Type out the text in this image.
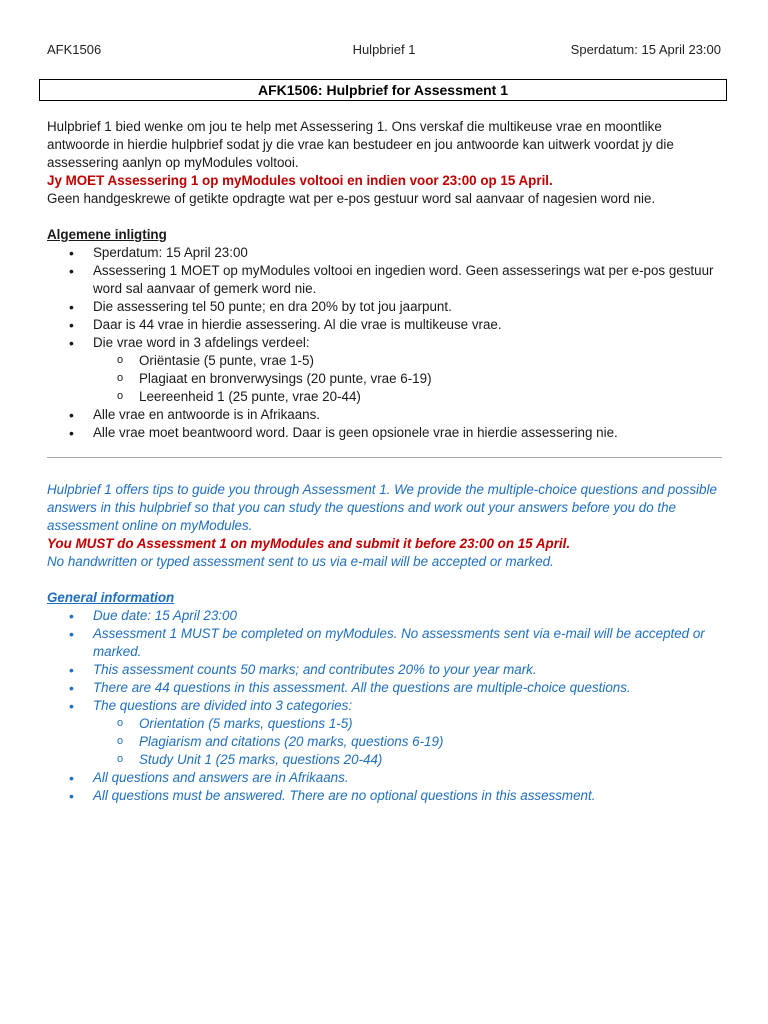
AFK1506	Hulpbrief 1	Sperdatum: 15 April 23:00
AFK1506: Hulpbrief for Assessment 1

Hulpbrief 1 bied wenke om jou te help met Assessering 1. Ons verskaf die multikeuse vrae en moontlike antwoorde in hierdie hulpbrief sodat jy die vrae kan bestudeer en jou antwoorde kan uitwerk voordat jy die assessering aanlyn op myModules voltooi.

Jy MOET Assessering 1 op myModules voltooi en indien voor 23:00 op 15 April.

Geen handgeskrewe of getikte opdragte wat per e-pos gestuur word sal aanvaar of nagesien word nie.

Algemene inligting

• Sperdatum: 15 April 23:00
• Assessering 1 MOET op myModules voltooi en ingedien word. Geen assesserings wat per e-pos gestuur word sal aanvaar of gemerk word nie.
• Die assessering tel 50 punte; en dra 20% by tot jou jaarpunt.
• Daar is 44 vrae in hierdie assessering. Al die vrae is multikeuse vrae.
• Die vrae word in 3 afdelings verdeel:
o Oriëntasie (5 punte, vrae 1-5)
o Plagiaat en bronverwysings (20 punte, vrae 6-19)
o Leereenheid 1 (25 punte, vrae 20-44)
• Alle vrae en antwoorde is in Afrikaans.
• Alle vrae moet beantwoord word. Daar is geen opsionele vrae in hierdie assessering nie.

Hulpbrief 1 offers tips to guide you through Assessment 1. We provide the multiple-choice questions and possible answers in this hulpbrief so that you can study the questions and work out your answers before you do the assessment online on myModules.

You MUST do Assessment 1 on myModules and submit it before 23:00 on 15 April.

No handwritten or typed assessment sent to us via e-mail will be accepted or marked.

General information

• Due date: 15 April 23:00
• Assessment 1 MUST be completed on myModules. No assessments sent via e-mail will be accepted or marked.
• This assessment counts 50 marks; and contributes 20% to your year mark.
• There are 44 questions in this assessment. All the questions are multiple-choice questions.
• The questions are divided into 3 categories:
o Orientation (5 marks, questions 1-5)
o Plagiarism and citations (20 marks, questions 6-19)
o Study Unit 1 (25 marks, questions 20-44)
• All questions and answers are in Afrikaans.
• All questions must be answered. There are no optional questions in this assessment.
